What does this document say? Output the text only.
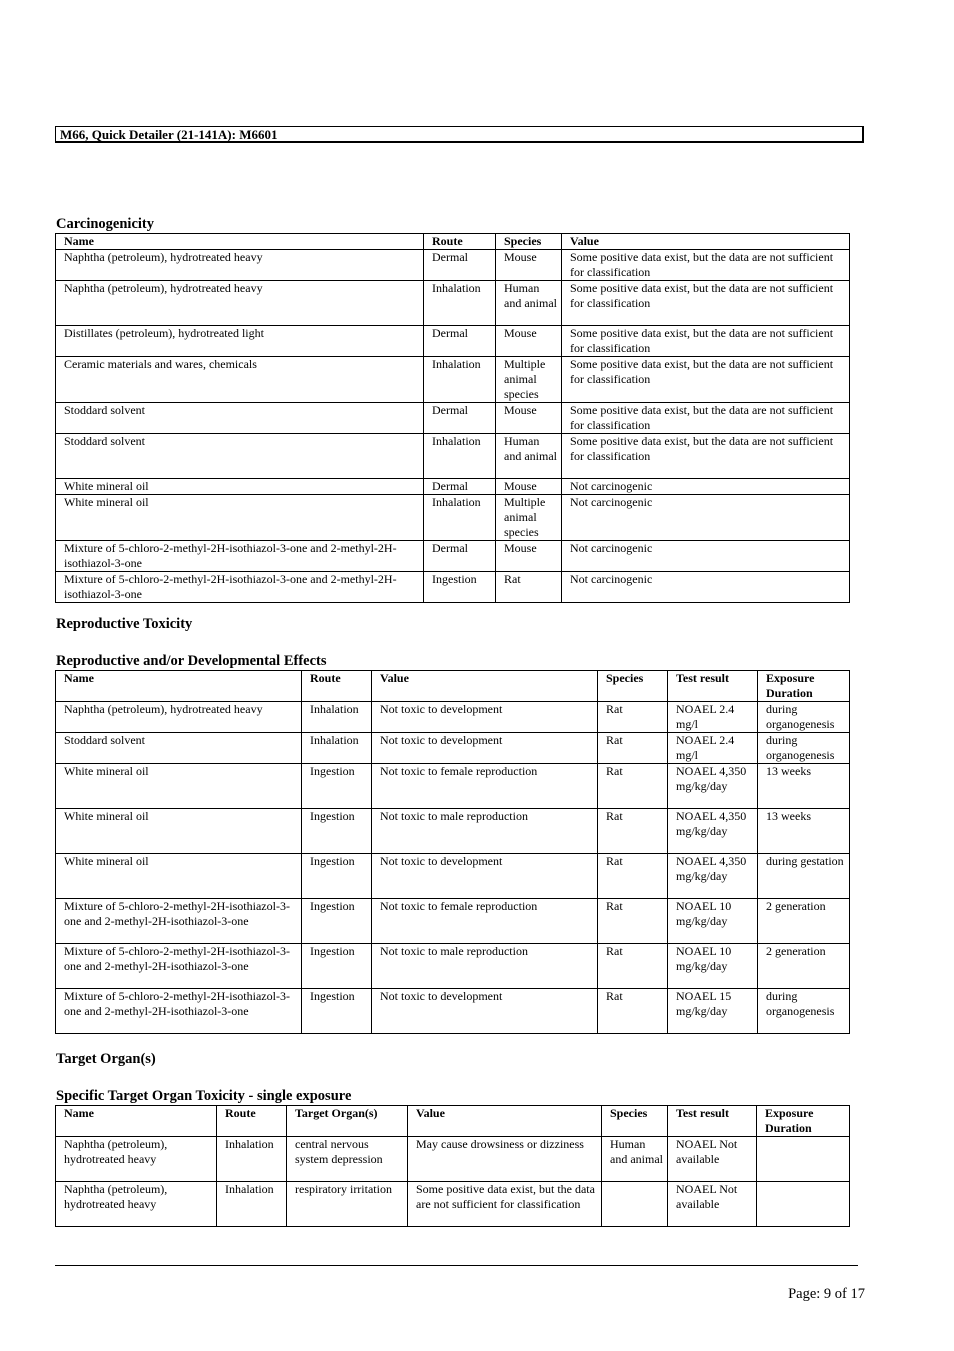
M66, Quick Detailer (21-141A): M6601
Carcinogenicity
Name	Route	Species	Value
Naphtha (petroleum), hydrotreated heavy	Dermal	Mouse	Some positive data exist, but the data are not sufficient for classification
Naphtha (petroleum), hydrotreated heavy	Inhalation	Human and animal	Some positive data exist, but the data are not sufficient for classification
Distillates (petroleum), hydrotreated light	Dermal	Mouse	Some positive data exist, but the data are not sufficient for classification
Ceramic materials and wares, chemicals	Inhalation	Multiple animal species	Some positive data exist, but the data are not sufficient for classification
Stoddard solvent	Dermal	Mouse	Some positive data exist, but the data are not sufficient for classification
Stoddard solvent	Inhalation	Human and animal	Some positive data exist, but the data are not sufficient for classification
White mineral oil	Dermal	Mouse	Not carcinogenic
White mineral oil	Inhalation	Multiple animal species	Not carcinogenic
Mixture of 5-chloro-2-methyl-2H-isothiazol-3-one and 2-methyl-2H-isothiazol-3-one	Dermal	Mouse	Not carcinogenic
Mixture of 5-chloro-2-methyl-2H-isothiazol-3-one and 2-methyl-2H-isothiazol-3-one	Ingestion	Rat	Not carcinogenic
Reproductive Toxicity
Reproductive and/or Developmental Effects
Name	Route	Value	Species	Test result	Exposure Duration
Naphtha (petroleum), hydrotreated heavy	Inhalation	Not toxic to development	Rat	NOAEL 2.4 mg/l	during organogenesis
Stoddard solvent	Inhalation	Not toxic to development	Rat	NOAEL 2.4 mg/l	during organogenesis
White mineral oil	Ingestion	Not toxic to female reproduction	Rat	NOAEL 4,350 mg/kg/day	13 weeks
White mineral oil	Ingestion	Not toxic to male reproduction	Rat	NOAEL 4,350 mg/kg/day	13 weeks
White mineral oil	Ingestion	Not toxic to development	Rat	NOAEL 4,350 mg/kg/day	during gestation
Mixture of 5-chloro-2-methyl-2H-isothiazol-3-one and 2-methyl-2H-isothiazol-3-one	Ingestion	Not toxic to female reproduction	Rat	NOAEL 10 mg/kg/day	2 generation
Mixture of 5-chloro-2-methyl-2H-isothiazol-3-one and 2-methyl-2H-isothiazol-3-one	Ingestion	Not toxic to male reproduction	Rat	NOAEL 10 mg/kg/day	2 generation
Mixture of 5-chloro-2-methyl-2H-isothiazol-3-one and 2-methyl-2H-isothiazol-3-one	Ingestion	Not toxic to development	Rat	NOAEL 15 mg/kg/day	during organogenesis
Target Organ(s)
Specific Target Organ Toxicity - single exposure
Name	Route	Target Organ(s)	Value	Species	Test result	Exposure Duration
Naphtha (petroleum), hydrotreated heavy	Inhalation	central nervous system depression	May cause drowsiness or dizziness	Human and animal	NOAEL Not available	
Naphtha (petroleum), hydrotreated heavy	Inhalation	respiratory irritation	Some positive data exist, but the data are not sufficient for classification		NOAEL Not available	
Page: 9 of 17
